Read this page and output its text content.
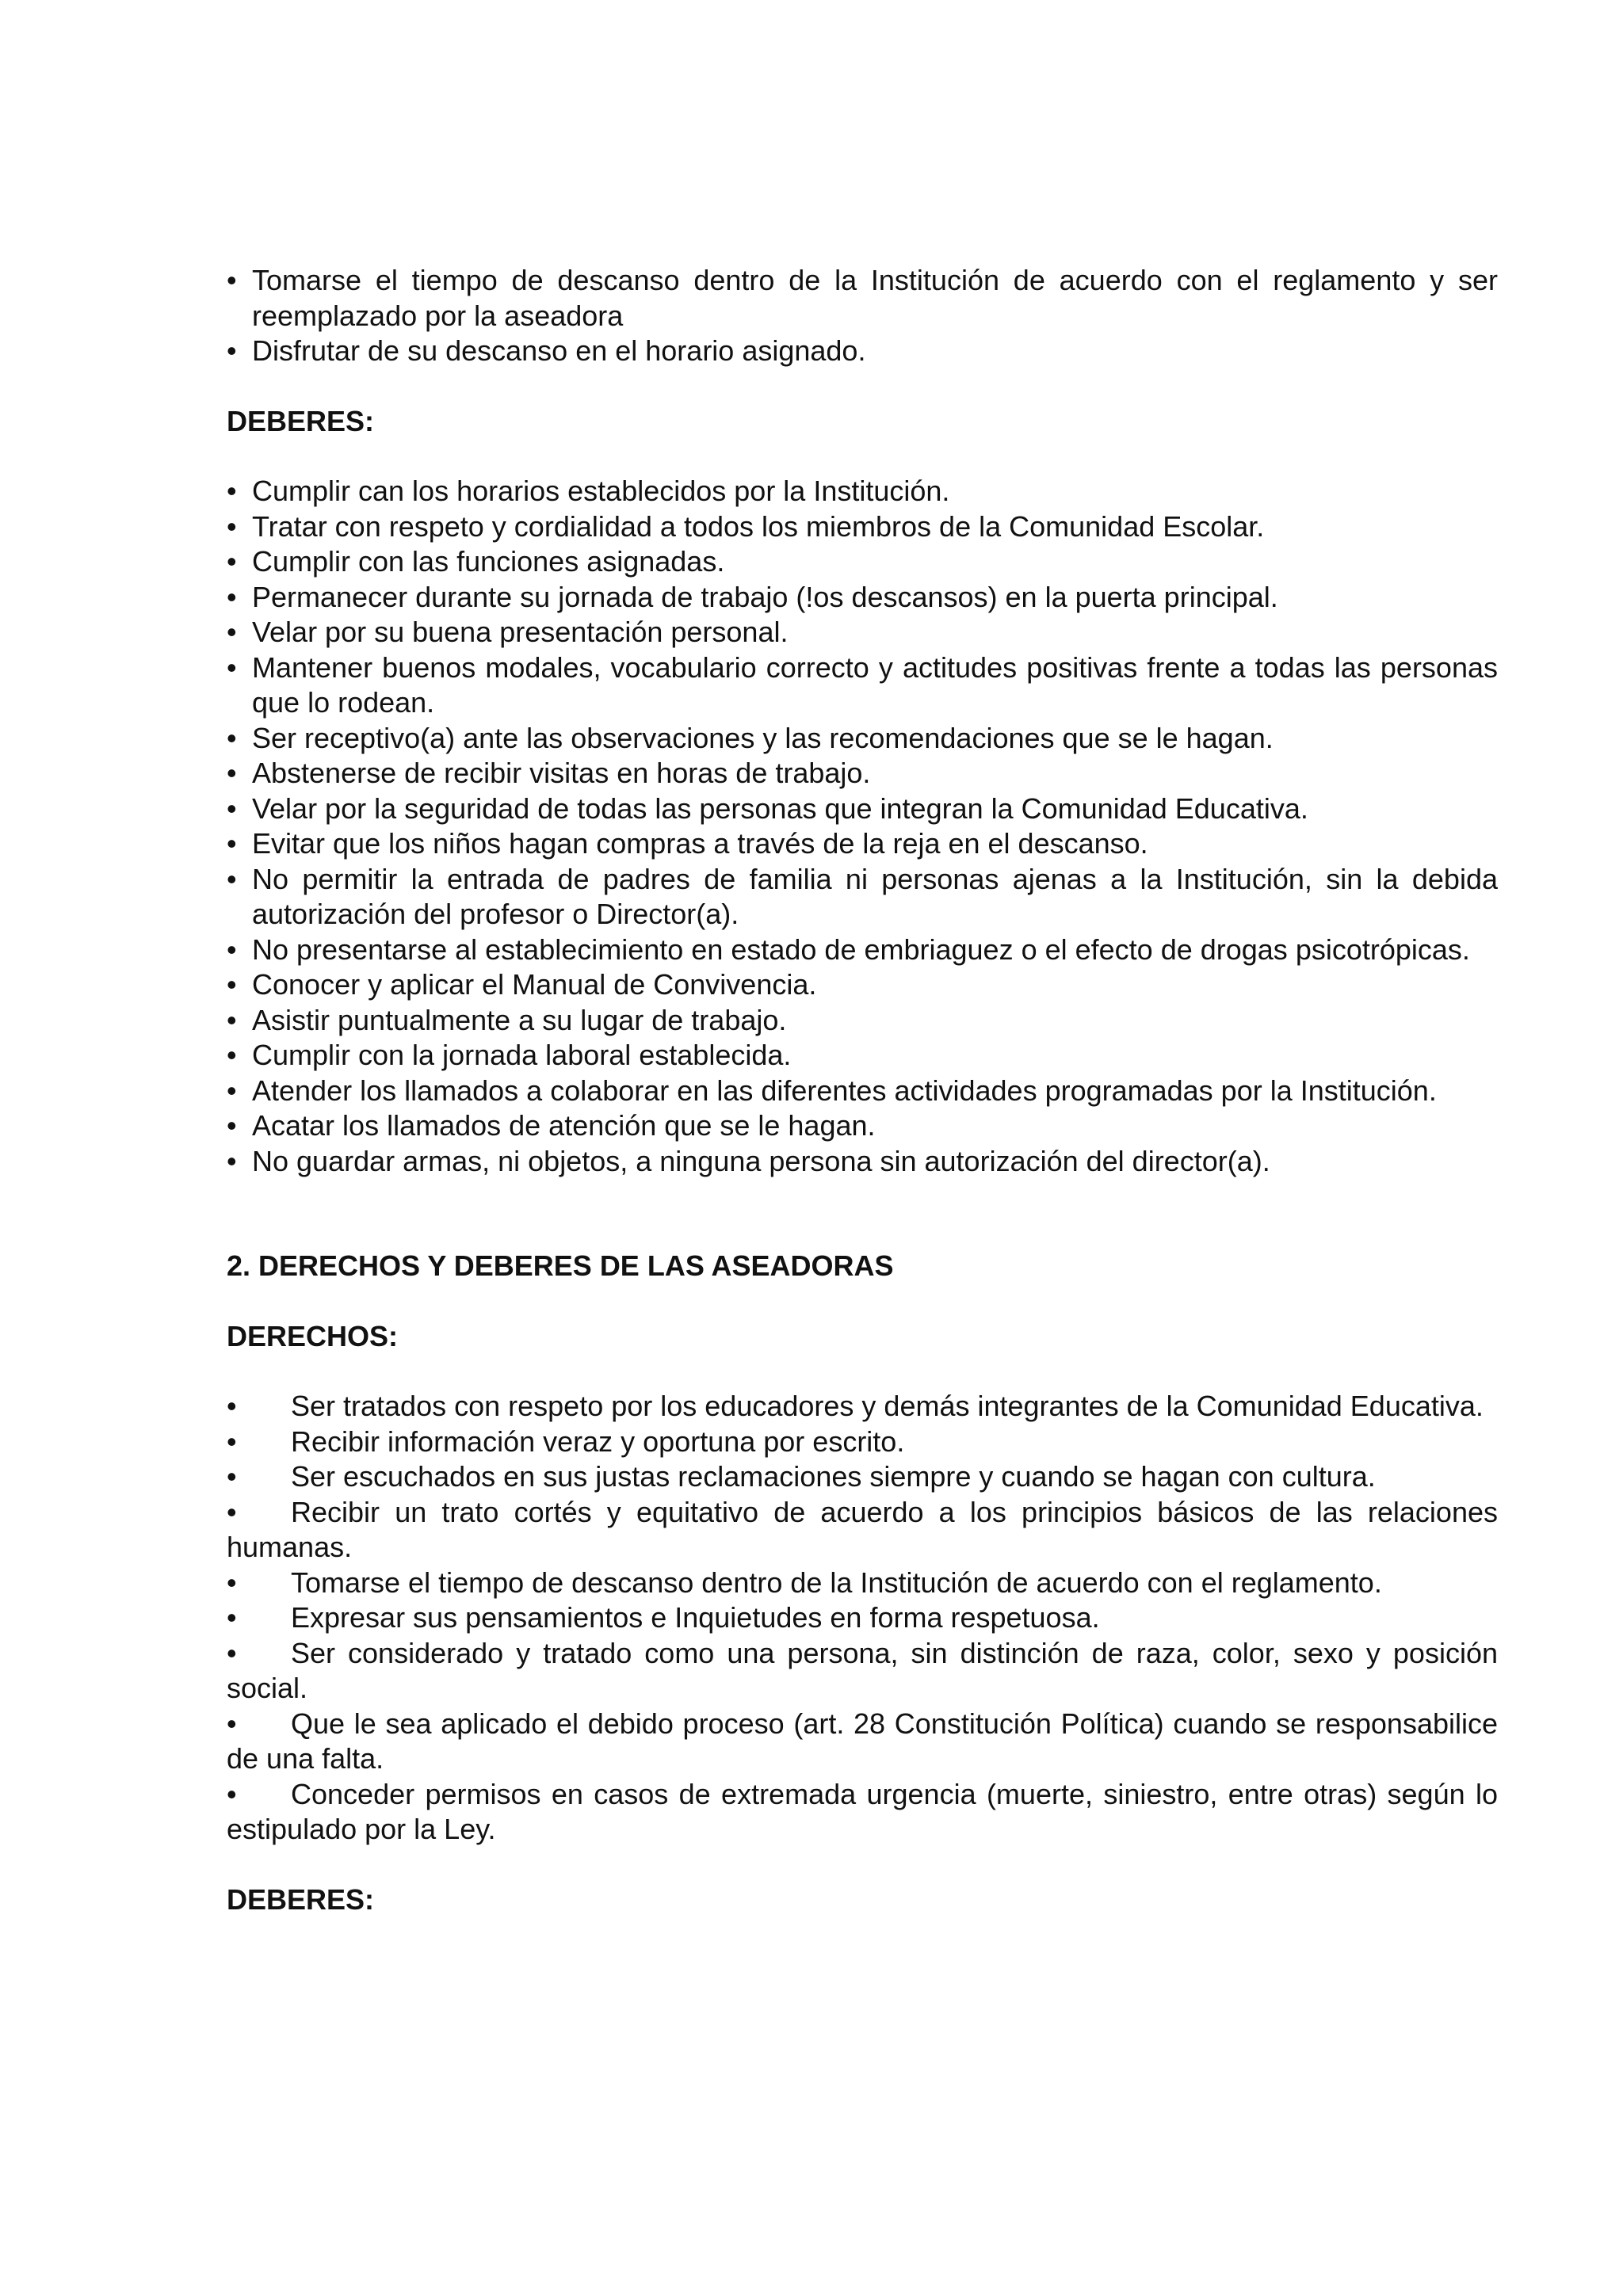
• Tomarse el tiempo de descanso dentro de la Institución de acuerdo con el reglamento y ser reemplazado por la aseadora
• Disfrutar de su descanso en el horario asignado.

DEBERES:

• Cumplir can los horarios establecidos por la Institución.
• Tratar con respeto y cordialidad a todos los miembros de la Comunidad Escolar.
• Cumplir con las funciones asignadas.
• Permanecer durante su jornada de trabajo (!os descansos) en la puerta principal.
• Velar por su buena presentación personal.
• Mantener buenos modales, vocabulario correcto y actitudes positivas frente a todas las personas que lo rodean.
• Ser receptivo(a) ante las observaciones y las recomendaciones que se le hagan.
• Abstenerse de recibir visitas en horas de trabajo.
• Velar por la seguridad de todas las personas que integran la Comunidad Educativa.
• Evitar que los niños hagan compras a través de la reja en el descanso.
• No permitir la entrada de padres de familia ni personas ajenas a la Institución, sin la debida autorización del profesor o Director(a).
• No presentarse al establecimiento en estado de embriaguez o el efecto de drogas psicotrópicas.
• Conocer y aplicar el Manual de Convivencia.
• Asistir puntualmente a su lugar de trabajo.
• Cumplir con la jornada laboral establecida.
• Atender los llamados a colaborar en las diferentes actividades programadas por la Institución.
• Acatar los llamados de atención que se le hagan.
• No guardar armas, ni objetos, a ninguna persona sin autorización del director(a).

2. DERECHOS Y DEBERES DE LAS ASEADORAS

DERECHOS:

• Ser tratados con respeto por los educadores y demás integrantes de la Comunidad Educativa.
• Recibir información veraz y oportuna por escrito.
• Ser escuchados en sus justas reclamaciones siempre y cuando se hagan con cultura.
• Recibir un trato cortés y equitativo de acuerdo a los principios básicos de las relaciones humanas.
• Tomarse el tiempo de descanso dentro de la Institución de acuerdo con el reglamento.
• Expresar sus pensamientos e Inquietudes en forma respetuosa.
• Ser considerado y tratado como una persona, sin distinción de raza, color, sexo y posición social.
• Que le sea aplicado el debido proceso (art. 28 Constitución Política) cuando se responsabilice de una falta.
• Conceder permisos en casos de extremada urgencia (muerte, siniestro, entre otras) según lo estipulado por la Ley.

DEBERES:
